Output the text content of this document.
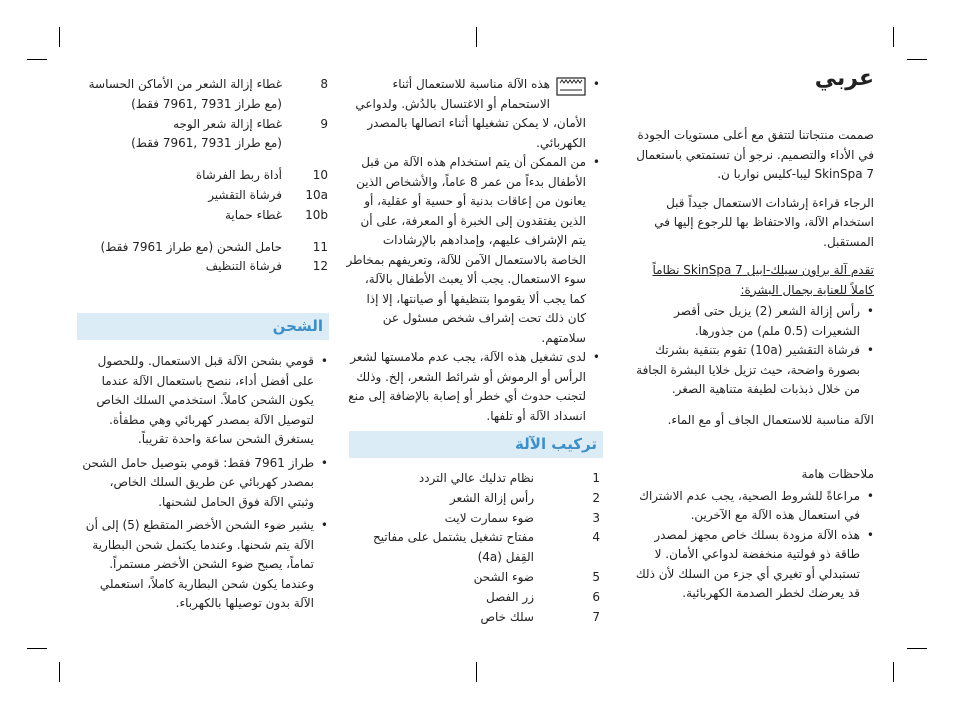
عربي

صممت منتجاتنا لتتفق مع أعلى مستويات الجودة في الأداء والتصميم. نرجو أن تستمتعي باستعمال SkinSpa 7 ليبا-كليس نواربا ن.

الرجاء قراءة إرشادات الاستعمال جيداً قبل استخدام الآلة، والاحتفاظ بها للرجوع إليها في المستقبل.

تقدم آلة براون سيلك-ابيل SkinSpa 7 نظاماً كاملاً للعناية بجمال البشرة:

• رأس إزالة الشعر (2) يزيل حتى أقصر الشعيرات (0.5 ملم) من جذورها.
• فرشاة التقشير (10a) تقوم بتنقية بشرتك بصورة واضحة، حيث تزيل خلايا البشرة الجافة من خلال ذبذبات لطيفة متناهية الصغر.

الآلة مناسبة للاستعمال الجاف أو مع الماء.

ملاحظات هامة

• مراعاةً للشروط الصحية، يجب عدم الاشتراك في استعمال هذه الآلة مع الآخرين.
• هذه الآلة مزودة بسلك خاص مجهز لمصدر طاقة ذو فولتية منخفضة لدواعي الأمان. لا تستبدلي أو تغيري أي جزء من السلك لأن ذلك قد يعرضك لخطر الصدمة الكهربائية.
• هذه الآلة مناسبة للاستعمال أثناء الاستحمام أو الاغتسال بالدُش. ولدواعي الأمان، لا يمكن تشغيلها أثناء اتصالها بالمصدر الكهربائي.
• من الممكن أن يتم استخدام هذه الآلة من قبل الأطفال بدءاً من عمر 8 عاماً، والأشخاص الذين يعانون من إعاقات بدنية أو حسية أو عقلية، أو الذين يفتقدون إلى الخبرة أو المعرفة، على أن يتم الإشراف عليهم، وإمدادهم بالإرشادات الخاصة بالاستعمال الآمن للآلة، وتعريفهم بمخاطر سوء الاستعمال. يجب ألا يعبث الأطفال بالآلة، كما يجب ألا يقوموا بتنظيفها أو صيانتها، إلا إذا كان ذلك تحت إشراف شخص مسئول عن سلامتهم.
• لدى تشغيل هذه الآلة، يجب عدم ملامستها لشعر الرأس أو الرموش أو شرائط الشعر، إلخ. وذلك لتجنب حدوث أي خطر أو إصابة بالإضافة إلى منع انسداد الآلة أو تلفها.
تركيب الآلة
1
نظام تدليك عالي التردد
2
رأس إزالة الشعر
3
ضوء سمارت لايت
4
مفتاح تشغيل يشتمل على مفاتيح القِفل (4a)
5
ضوء الشحن
6
زر الفصل
7
سلك خاص
8
غطاء إزالة الشعر من الأماكن الحساسة
(مع طراز 7931 ,7961 فقط)
9
غطاء إزالة شعر الوجه
(مع طراز 7931 ,7961 فقط)
10
أداة ربط الفرشاة
10a
فرشاة التقشير
10b
غطاء حماية
11
حامل الشحن (مع طراز 7961 فقط)
12
فرشاة التنظيف
الشحن
• قومي بشحن الآلة قبل الاستعمال. وللحصول على أفضل أداء، ننصح باستعمال الآلة عندما يكون الشحن كاملاً. استخدمي السلك الخاص لتوصيل الآلة بمصدر كهربائي وهي مطفأة. يستغرق الشحن ساعة واحدة تقريباً.
• طراز 7961 فقط: قومي بتوصيل حامل الشحن بمصدر كهربائي عن طريق السلك الخاص، وثبتي الآلة فوق الحامل لشحنها.
• يشير ضوء الشحن الأخضر المتقطع (5) إلى أن الآلة يتم شحنها. وعندما يكتمل شحن البطارية تماماً، يصبح ضوء الشحن الأخضر مستمراً. وعندما يكون شحن البطارية كاملاً، استعملي الآلة بدون توصيلها بالكهرباء.
